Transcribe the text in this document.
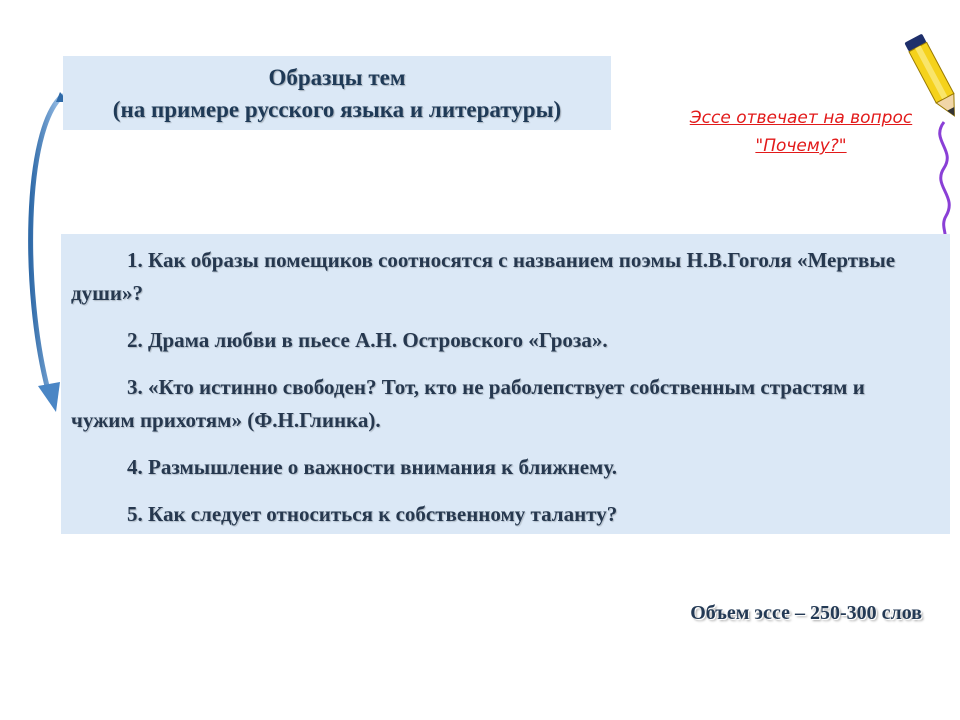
Образцы тем
(на примере русского языка и литературы)	Эссе отвечает на вопрос
"Почему?"

1. Как образы помещиков соотносятся с названием поэмы Н.В.Гоголя «Мертвые души»?

2. Драма любви в пьесе А.Н. Островского «Гроза».

3. «Кто истинно свободен? Тот, кто не раболепствует собственным страстям и чужим прихотям» (Ф.Н.Глинка).

4. Размышление о важности внимания к ближнему.

5. Как следует относиться к собственному таланту?

Объем эссе – 250-300 слов
